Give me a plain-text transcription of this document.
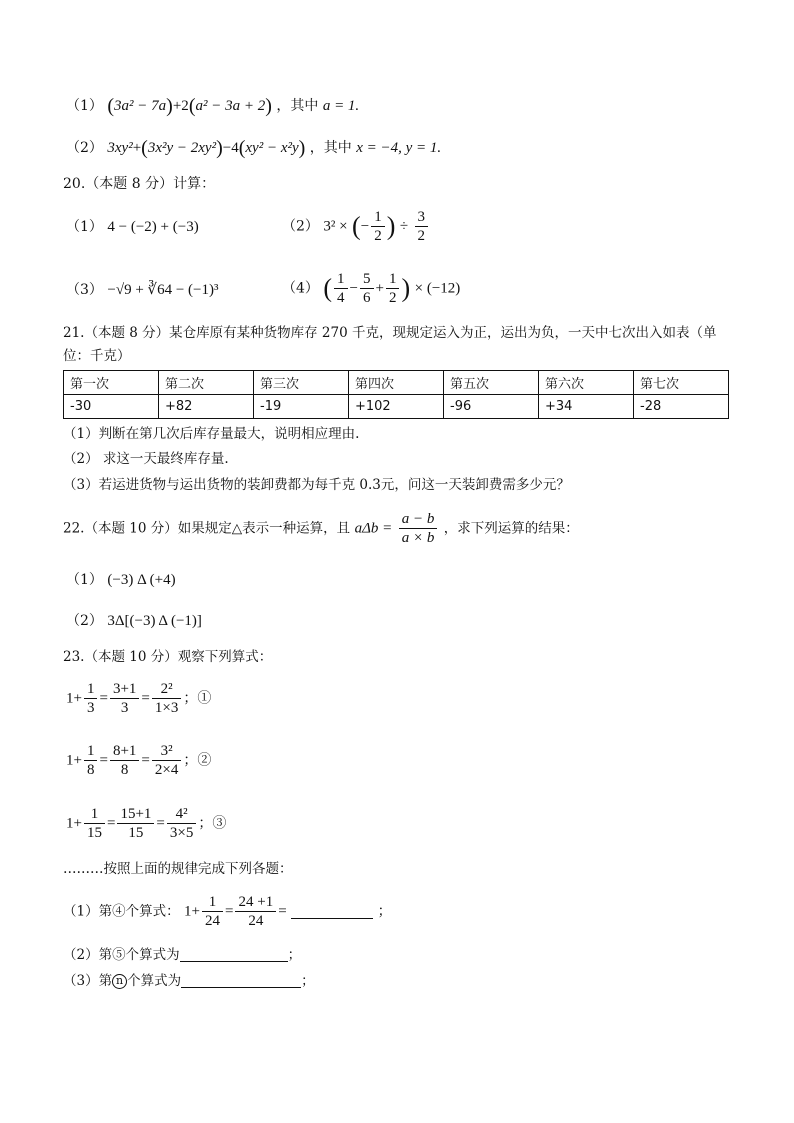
（1） (3a² − 7a)+2(a² − 3a + 2) ，其中 a = 1.
（2） 3xy²+(3x²y − 2xy²)−4(xy² − x²y) ，其中 x = −4, y = 1.
20.（本题 8 分）计算：
（1） 4 − (−2) + (−3)	（2） 3² × (− $\frac{1}{2}$ ) ÷ $\frac{3}{2}$
（3） −√9 + ∛64 − (−1)³	（4） ( $\frac{1}{4} - \frac{5}{6} + \frac{1}{2}$ ) × (−12)
21.（本题 8 分）某仓库原有某种货物库存 270 千克，现规定运入为正，运出为负，一天中七次出入如表（单
位：千克）
第一次	第二次	第三次	第四次	第五次	第六次	第七次
-30	+82	-19	+102	-96	+34	-28
（1）判断在第几次后库存量最大，说明相应理由.
（2） 求这一天最终库存量.
（3）若运进货物与运出货物的装卸费都为每千克 0.3元，问这一天装卸费需多少元？
22.（本题 10 分）如果规定△表示一种运算，且 $a\Delta b = \frac{a - b}{a \times b}$ ，求下列运算的结果：
（1） (−3) Δ (+4)
（2） 3Δ[(−3) Δ (−1)]
23.（本题 10 分）观察下列算式：
$1+ \frac{1}{3} = \frac{3+1}{3} = \frac{\text{2²}}{1\times 3}$ ；①
$1+ \frac{1}{8} = \frac{8+1}{8} = \frac{\text{3²}}{2\times 4}$ ；②
$1+ \frac{1}{15} = \frac{15+1}{15} = \frac{\text{4²}}{3\times 5}$ ；③
………按照上面的规律完成下列各题：
（1）第④个算式： $1+ \frac{1}{24} = \frac{24 +1}{24}$ =	；
（2）第⑤个算式为	；
（3）第 n 个算式为	；
